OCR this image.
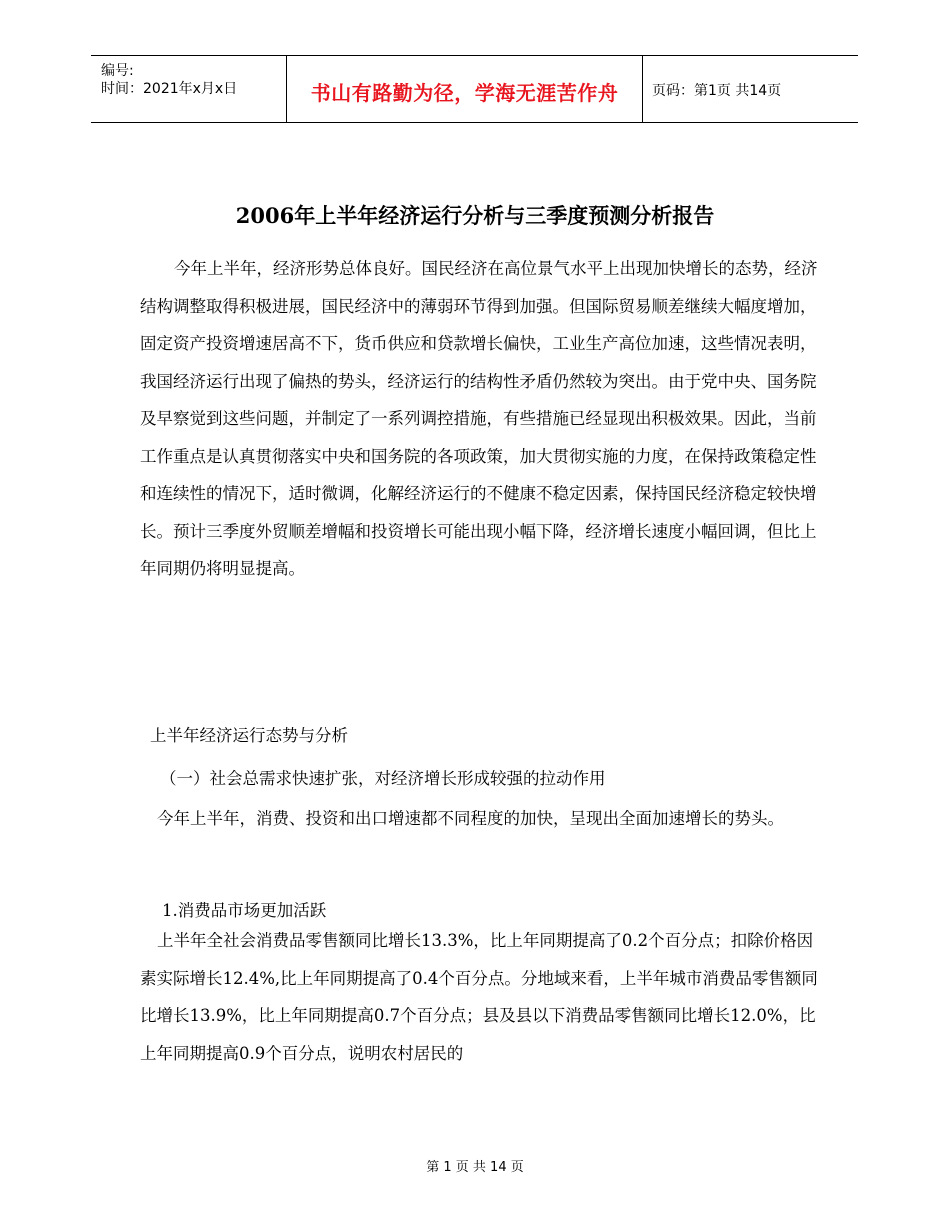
编号:
时间：2021年x月x日	书山有路勤为径，学海无涯苦作舟	页码：第1页 共14页
2006年上半年经济运行分析与三季度预测分析报告

今年上半年，经济形势总体良好。国民经济在高位景气水平上出现加快增长的态势，经济结构调整取得积极进展，国民经济中的薄弱环节得到加强。但国际贸易顺差继续大幅度增加，固定资产投资增速居高不下，货币供应和贷款增长偏快，工业生产高位加速，这些情况表明，我国经济运行出现了偏热的势头，经济运行的结构性矛盾仍然较为突出。由于党中央、国务院及早察觉到这些问题，并制定了一系列调控措施，有些措施已经显现出积极效果。因此，当前工作重点是认真贯彻落实中央和国务院的各项政策，加大贯彻实施的力度，在保持政策稳定性和连续性的情况下，适时微调，化解经济运行的不健康不稳定因素，保持国民经济稳定较快增长。预计三季度外贸顺差增幅和投资增长可能出现小幅下降，经济增长速度小幅回调，但比上年同期仍将明显提高。

上半年经济运行态势与分析
（一）社会总需求快速扩张，对经济增长形成较强的拉动作用

今年上半年，消费、投资和出口增速都不同程度的加快，呈现出全面加速增长的势头。

1.消费品市场更加活跃

上半年全社会消费品零售额同比增长13.3%，比上年同期提高了0.2个百分点；扣除价格因素实际增长12.4%,比上年同期提高了0.4个百分点。分地域来看，上半年城市消费品零售额同比增长13.9%，比上年同期提高0.7个百分点；县及县以下消费品零售额同比增长12.0%，比上年同期提高0.9个百分点，说明农村居民的

第 1 页 共 14 页
